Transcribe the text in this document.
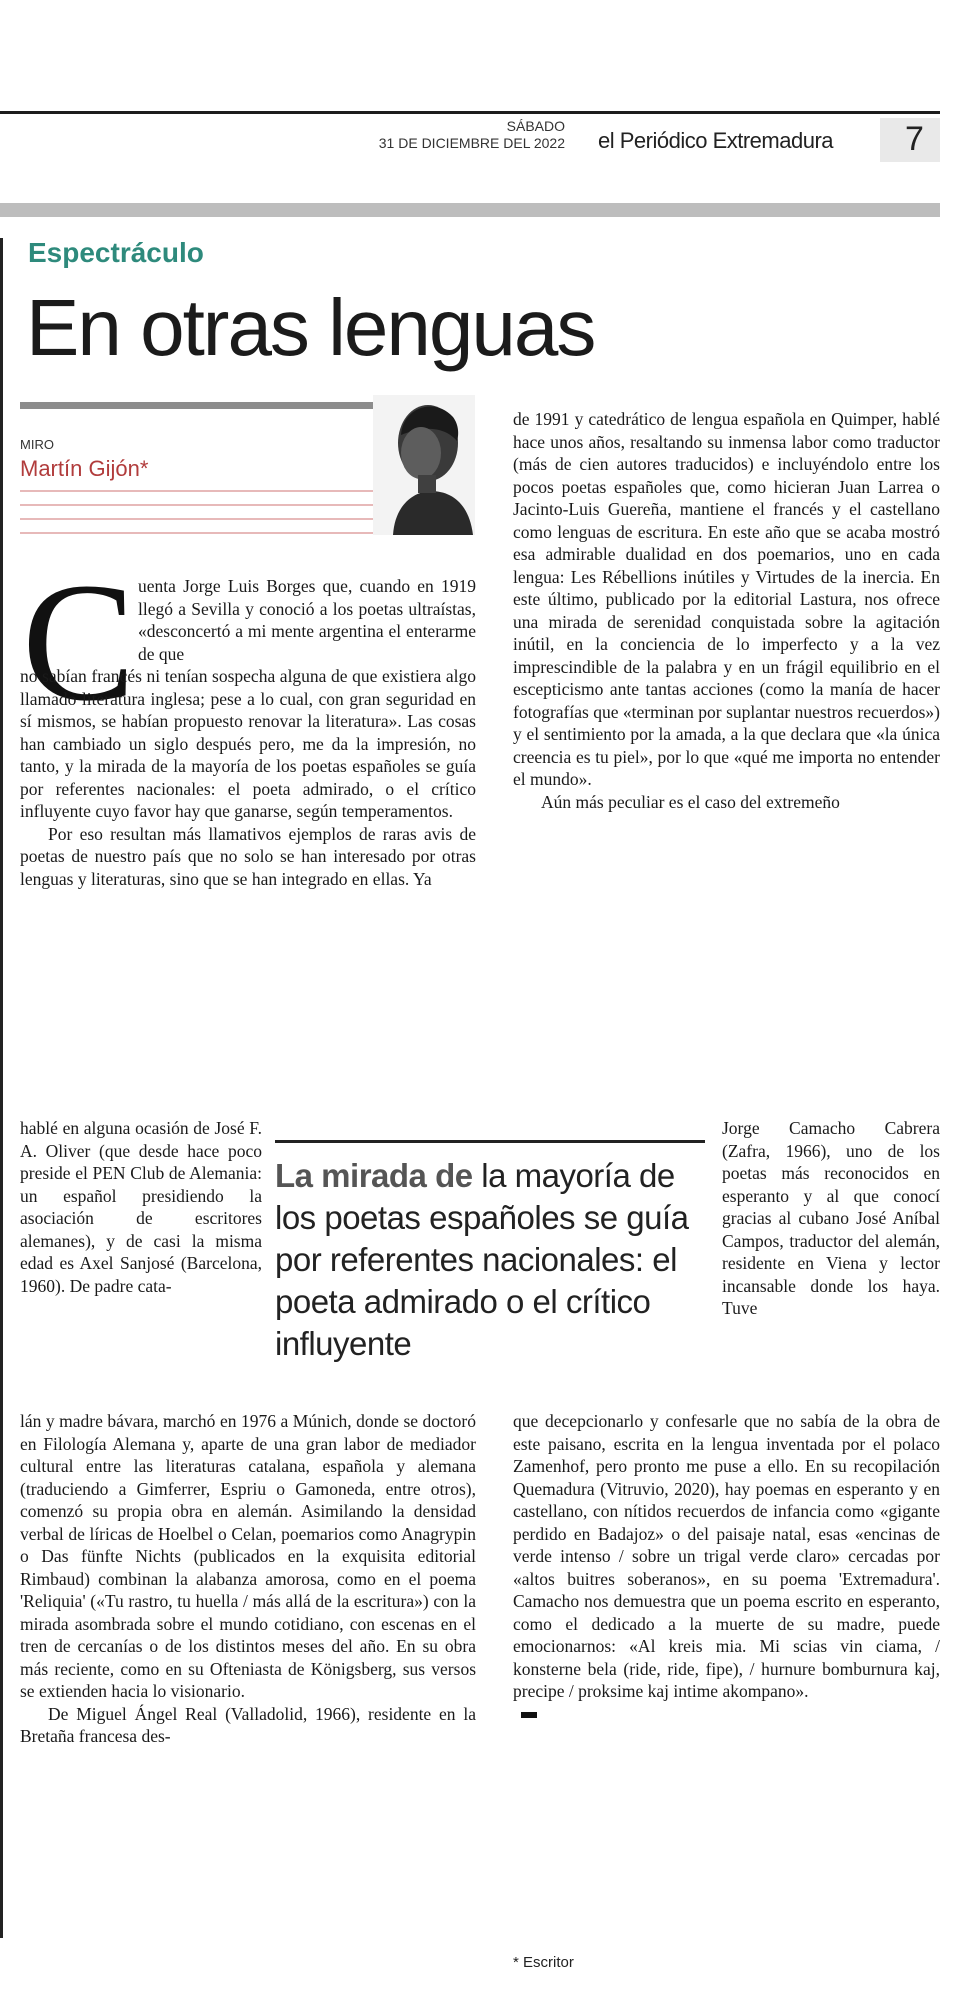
SÁBADO
31 DE DICIEMBRE DEL 2022 el Periódico Extremadura 7
Espectráculo
En otras lenguas
MIRO
Martín Gijón*
C uenta Jorge Luis Borges que, cuando en 1919 llegó a Sevilla y conoció a los poetas ultraístas, «desconcertó a mi mente argentina el enterarme de que

no sabían francés ni tenían sospecha alguna de que existiera algo llamado literatura inglesa; pese a lo cual, con gran seguridad en sí mismos, se habían propuesto renovar la literatura». Las cosas han cambiado un siglo después pero, me da la impresión, no tanto, y la mirada de la mayoría de los poetas españoles se guía por referentes nacionales: el poeta admirado, o el crítico influyente cuyo favor hay que ganarse, según temperamentos.

Por eso resultan más llamativos ejemplos de raras avis de poetas de nuestro país que no solo se han interesado por otras lenguas y literaturas, sino que se han integrado en ellas. Ya

hablé en alguna ocasión de José F. A. Oliver (que desde hace poco preside el PEN Club de Alemania: un español presidiendo la asociación de escritores alemanes), y de casi la misma edad es Axel Sanjosé (Barcelona, 1960). De padre cata-

lán y madre bávara, marchó en 1976 a Múnich, donde se doctoró en Filología Alemana y, aparte de una gran labor de mediador cultural entre las literaturas catalana, española y alemana (traduciendo a Gimferrer, Espriu o Gamoneda, entre otros), comenzó su propia obra en alemán. Asimilando la densidad verbal de líricas de Hoelbel o Celan, poemarios como Anagrypin o Das fünfte Nichts (publicados en la exquisita editorial Rimbaud) combinan la alabanza amorosa, como en el poema 'Reliquia' («Tu rastro, tu huella / más allá de la escritura») con la mirada asombrada sobre el mundo cotidiano, con escenas en el tren de cercanías o de los distintos meses del año. En su obra más reciente, como en su Ofteniasta de Königsberg, sus versos se extienden hacia lo visionario.

De Miguel Ángel Real (Valladolid, 1966), residente en la Bretaña francesa des-

de 1991 y catedrático de lengua española en Quimper, hablé hace unos años, resaltando su inmensa labor como traductor (más de cien autores traducidos) e incluyéndolo entre los pocos poetas españoles que, como hicieran Juan Larrea o Jacinto-Luis Guereña, mantiene el francés y el castellano como lenguas de escritura. En este año que se acaba mostró esa admirable dualidad en dos poemarios, uno en cada lengua: Les Rébellions inútiles y Virtudes de la inercia. En este último, publicado por la editorial Lastura, nos ofrece una mirada de serenidad conquistada sobre la agitación inútil, en la conciencia de lo imperfecto y a la vez imprescindible de la palabra y en un frágil equilibrio en el escepticismo ante tantas acciones (como la manía de hacer fotografías que «terminan por suplantar nuestros recuerdos») y el sentimiento por la amada, a la que declara que «la única creencia es tu piel», por lo que «qué me importa no entender el mundo».

Aún más peculiar es el caso del extremeño

Jorge Camacho Cabrera (Zafra, 1966), uno de los poetas más reconocidos en esperanto y al que conocí gracias al cubano José Aníbal Campos, traductor del alemán, residente en Viena y lector incansable donde los haya. Tuve

que decepcionarlo y confesarle que no sabía de la obra de este paisano, escrita en la lengua inventada por el polaco Zamenhof, pero pronto me puse a ello. En su recopilación Quemadura (Vitruvio, 2020), hay poemas en esperanto y en castellano, con nítidos recuerdos de infancia como «gigante perdido en Badajoz» o del paisaje natal, esas «encinas de verde intenso / sobre un trigal verde claro» cercadas por «altos buitres soberanos», en su poema 'Extremadura'. Camacho nos demuestra que un poema escrito en esperanto, como el dedicado a la muerte de su madre, puede emocionarnos: «Al kreis mia. Mi scias vin ciama, / konsterne bela (ride, ride, fipe), / hurnure bomburnura kaj, precipe / proksime kaj intime akompano».

La mirada de la mayoría de los poetas españoles se guía por referentes nacionales: el poeta admirado o el crítico influyente
* Escritor
